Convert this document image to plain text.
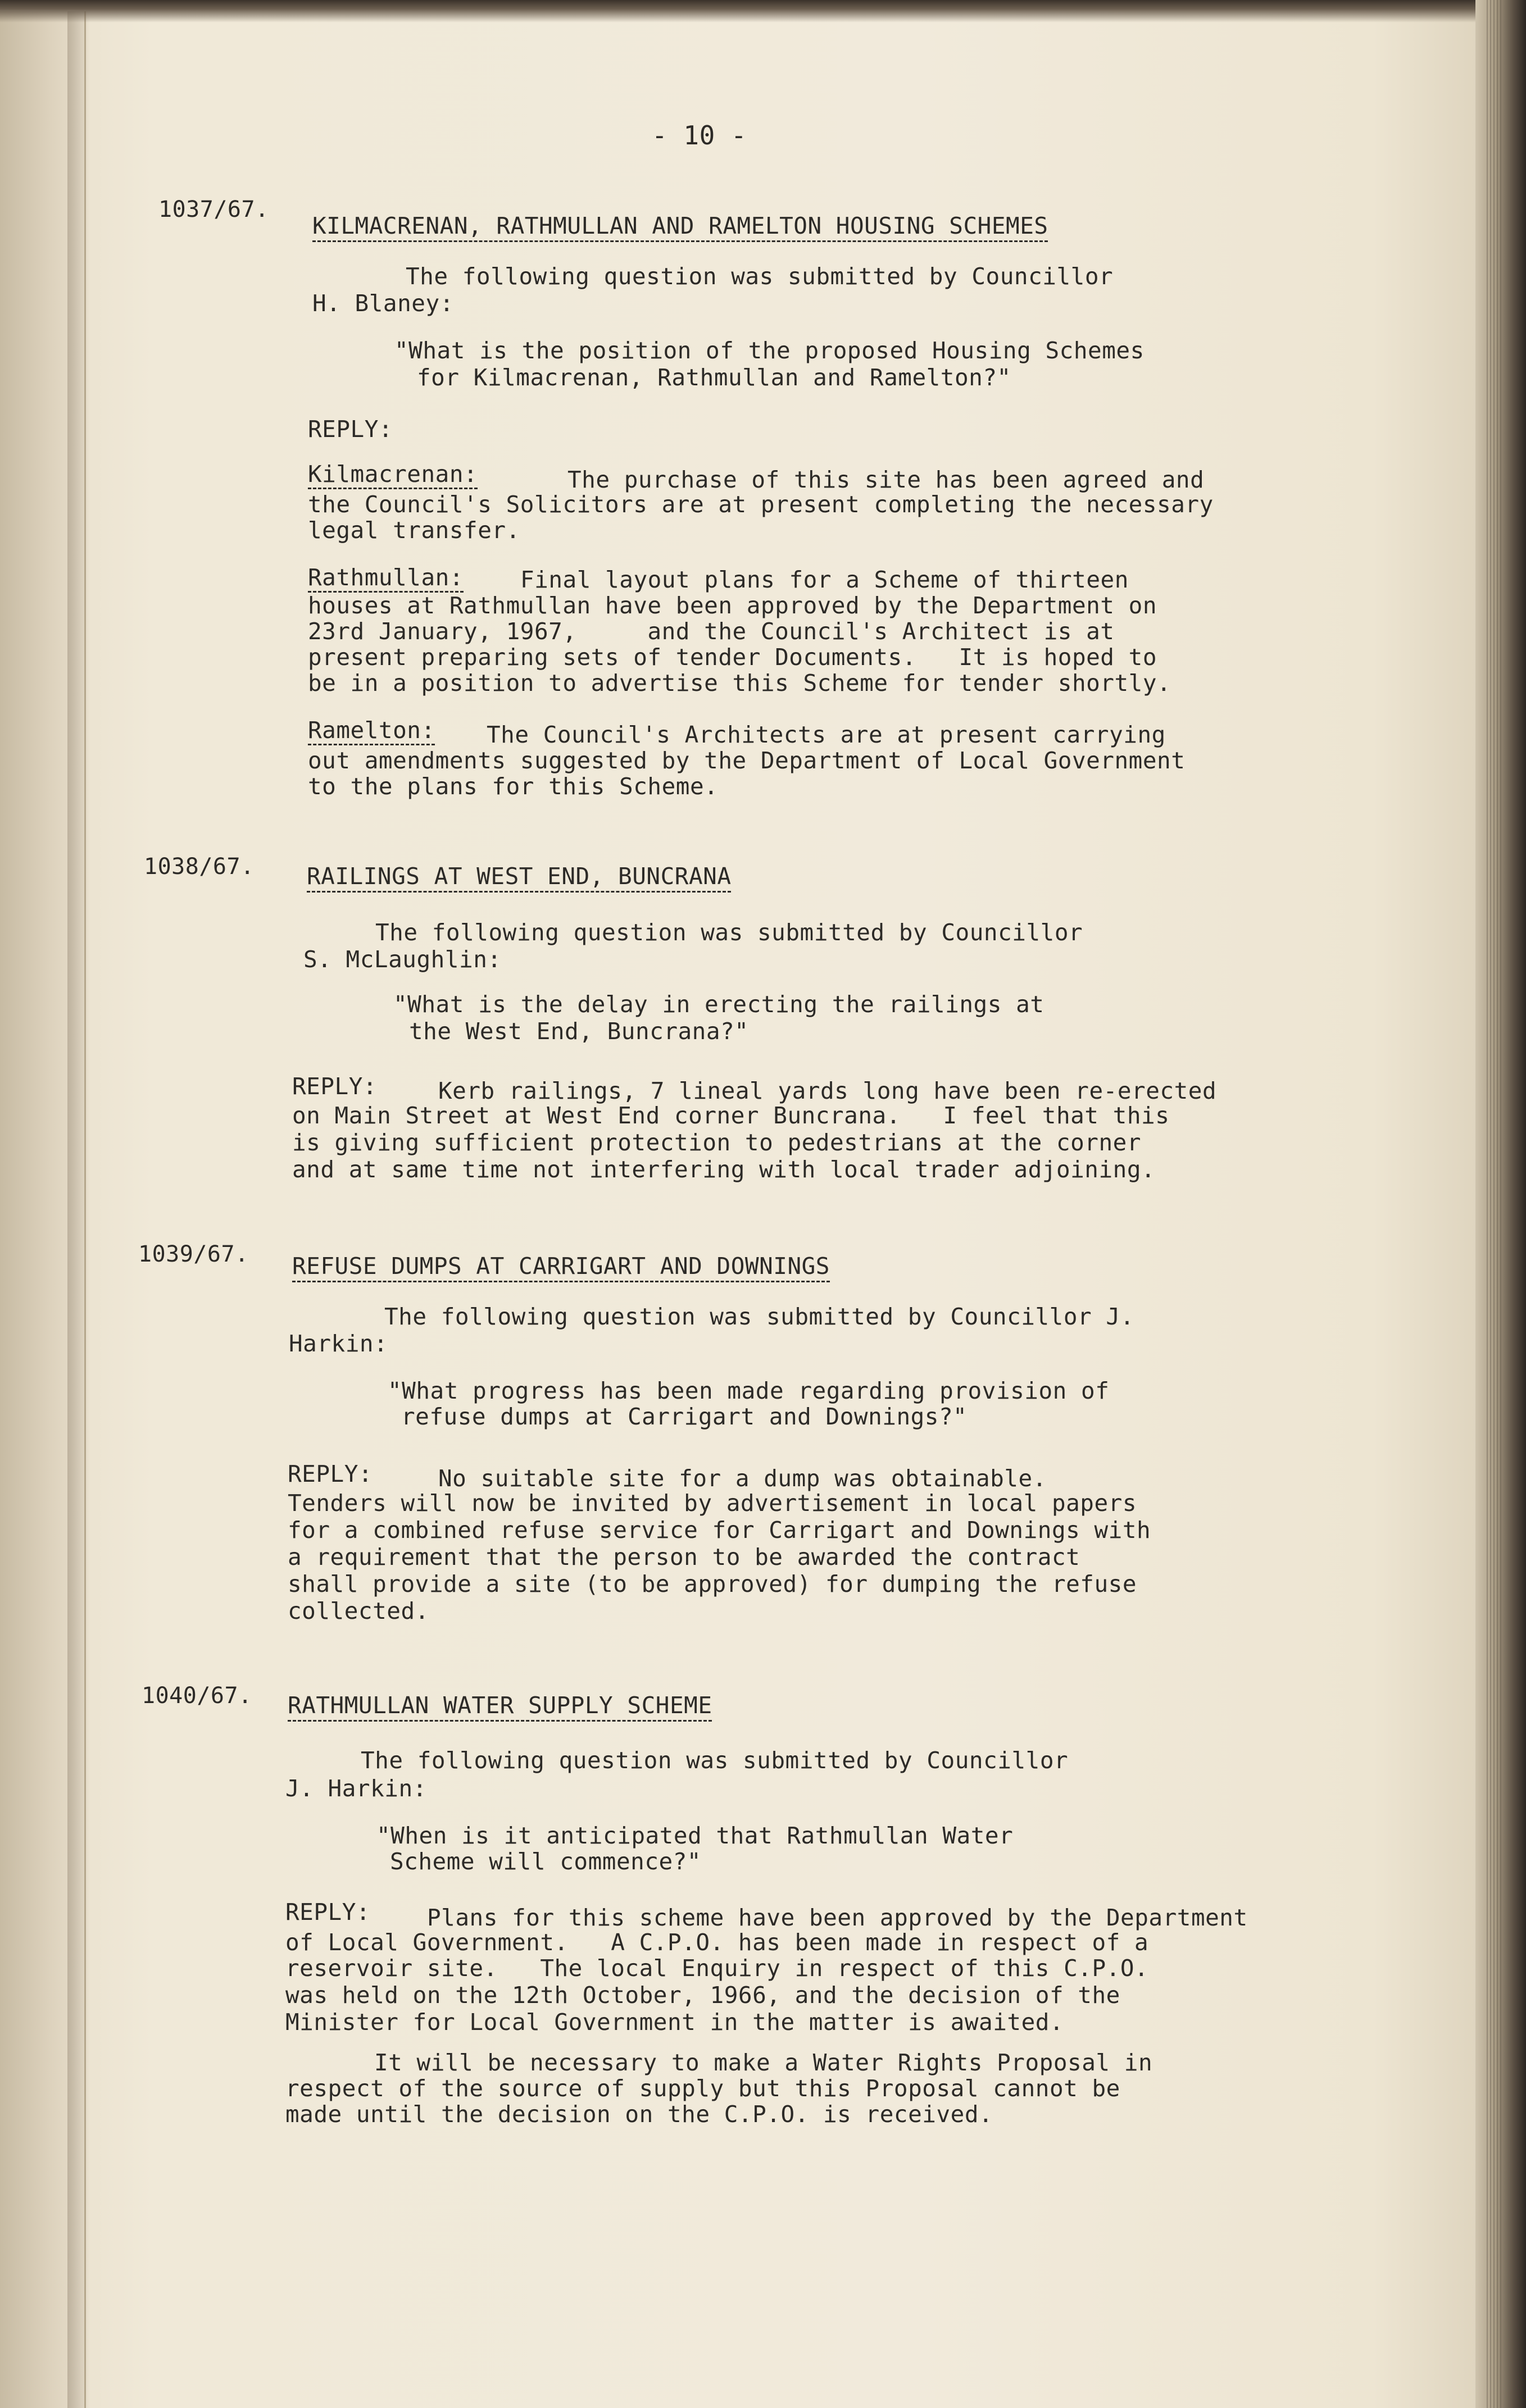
- 10 -
1037/67.
KILMACRENAN, RATHMULLAN AND RAMELTON HOUSING SCHEMES
The following question was submitted by Councillor
H. Blaney:
"What is the position of the proposed Housing Schemes
for Kilmacrenan, Rathmullan and Ramelton?"
REPLY:
Kilmacrenan:	The purchase of this site has been agreed and
the Council's Solicitors are at present completing the necessary
legal transfer.
Rathmullan: Final layout plans for a Scheme of thirteen
houses at Rathmullan have been approved by the Department on
23rd January, 1967,     and the Council's Architect is at
present preparing sets of tender Documents.   It is hoped to
be in a position to advertise this Scheme for tender shortly.
Ramelton: The Council's Architects are at present carrying
out amendments suggested by the Department of Local Government
to the plans for this Scheme.
1038/67. RAILINGS AT WEST END, BUNCRANA
The following question was submitted by Councillor
S. McLaughlin:
"What is the delay in erecting the railings at
the West End, Buncrana?"
REPLY:	Kerb railings, 7 lineal yards long have been re-erected
on Main Street at West End corner Buncrana.   I feel that this
is giving sufficient protection to pedestrians at the corner
and at same time not interfering with local trader adjoining.
1039/67. REFUSE DUMPS AT CARRIGART AND DOWNINGS
The following question was submitted by Councillor J.
Harkin:
"What progress has been made regarding provision of
refuse dumps at Carrigart and Downings?"
REPLY:	No suitable site for a dump was obtainable.
Tenders will now be invited by advertisement in local papers
for a combined refuse service for Carrigart and Downings with
a requirement that the person to be awarded the contract
shall provide a site (to be approved) for dumping the refuse
collected.
1040/67. RATHMULLAN WATER SUPPLY SCHEME
The following question was submitted by Councillor
J. Harkin:
"When is it anticipated that Rathmullan Water
Scheme will commence?"
REPLY: Plans for this scheme have been approved by the Department
of Local Government.   A C.P.O. has been made in respect of a
reservoir site.   The local Enquiry in respect of this C.P.O.
was held on the 12th October, 1966, and the decision of the
Minister for Local Government in the matter is awaited.
It will be necessary to make a Water Rights Proposal in
respect of the source of supply but this Proposal cannot be
made until the decision on the C.P.O. is received.
